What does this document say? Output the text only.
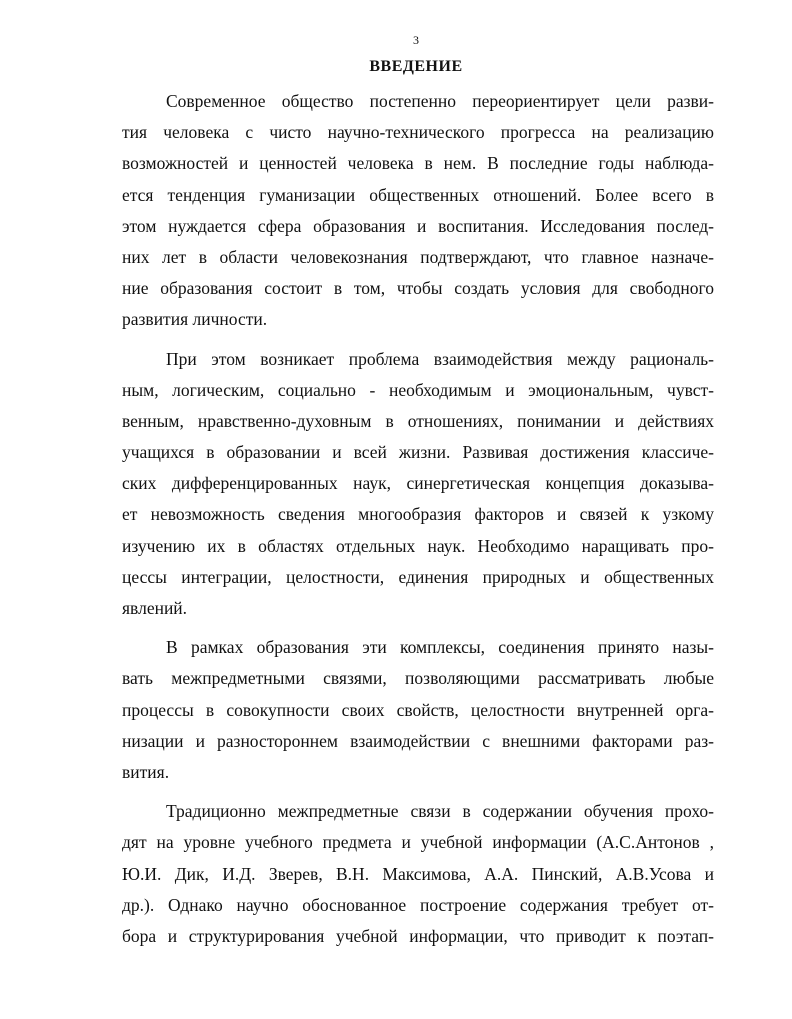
3
ВВЕДЕНИЕ
Современное общество постепенно переориентирует цели разви-
тия человека с чисто научно-технического прогресса на реализацию
возможностей и ценностей человека в нем. В последние годы наблюда-
ется тенденция гуманизации общественных отношений. Более всего в
этом нуждается сфера образования и воспитания. Исследования послед-
них лет в области человекознания подтверждают, что главное назначе-
ние образования состоит в том, чтобы создать условия для свободного
развития личности.
При этом возникает проблема взаимодействия между рациональ-
ным, логическим, социально - необходимым и эмоциональным, чувст-
венным, нравственно-духовным в отношениях, понимании и действиях
учащихся в образовании и всей жизни. Развивая достижения классиче-
ских дифференцированных наук, синергетическая концепция доказыва-
ет невозможность сведения многообразия факторов и связей к узкому
изучению их в областях отдельных наук. Необходимо наращивать про-
цессы интеграции, целостности, единения природных и общественных
явлений.
В рамках образования эти комплексы, соединения принято назы-
вать межпредметными связями, позволяющими рассматривать любые
процессы в совокупности своих свойств, целостности внутренней орга-
низации и разностороннем взаимодействии с внешними факторами раз-
вития.
Традиционно межпредметные связи в содержании обучения прохо-
дят на уровне учебного предмета и учебной информации (А.С.Антонов ,
Ю.И. Дик, И.Д. Зверев, В.Н. Максимова, А.А. Пинский, А.В.Усова и
др.). Однако научно обоснованное построение содержания требует от-
бора и структурирования учебной информации, что приводит к поэтап-
